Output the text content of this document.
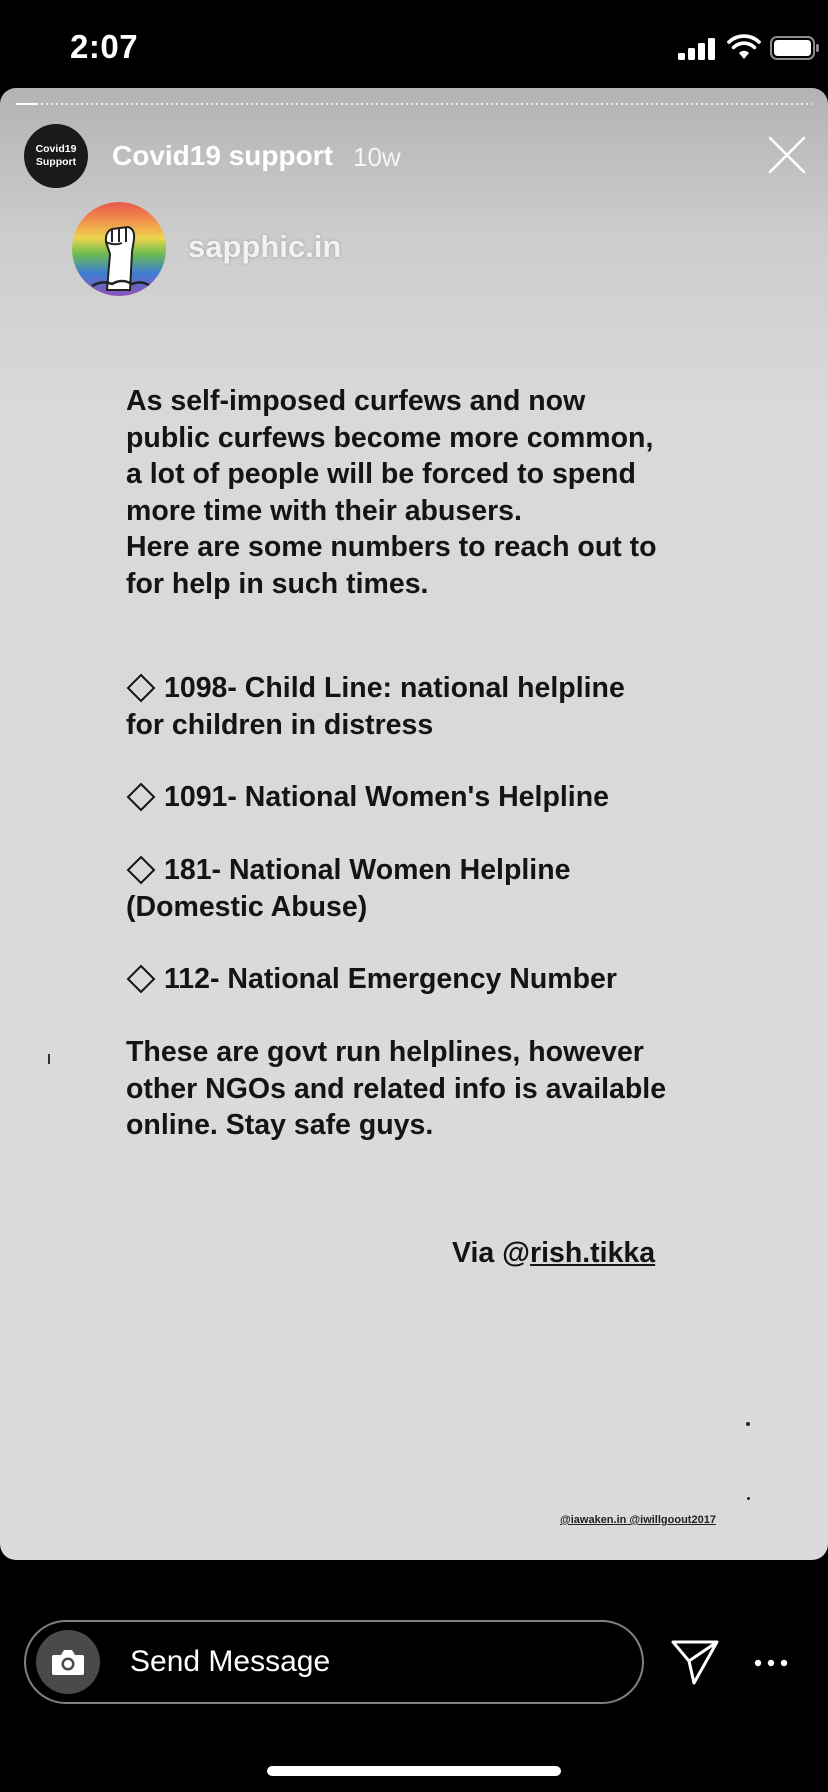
2:07
Covid19
Support Covid19 support 10w
sapphic.in
As self-imposed curfews and now
public curfews become more common,
a lot of people will be forced to spend
more time with their abusers.
Here are some numbers to reach out to
for help in such times.
1098- Child Line: national helpline
for children in distress
1091- National Women's Helpline
181- National Women Helpline
(Domestic Abuse)
112- National Emergency Number
These are govt run helplines, however
other NGOs and related info is available
online. Stay safe guys.
Via @rish.tikka
@iawaken.in @iwillgoout2017
Send Message
